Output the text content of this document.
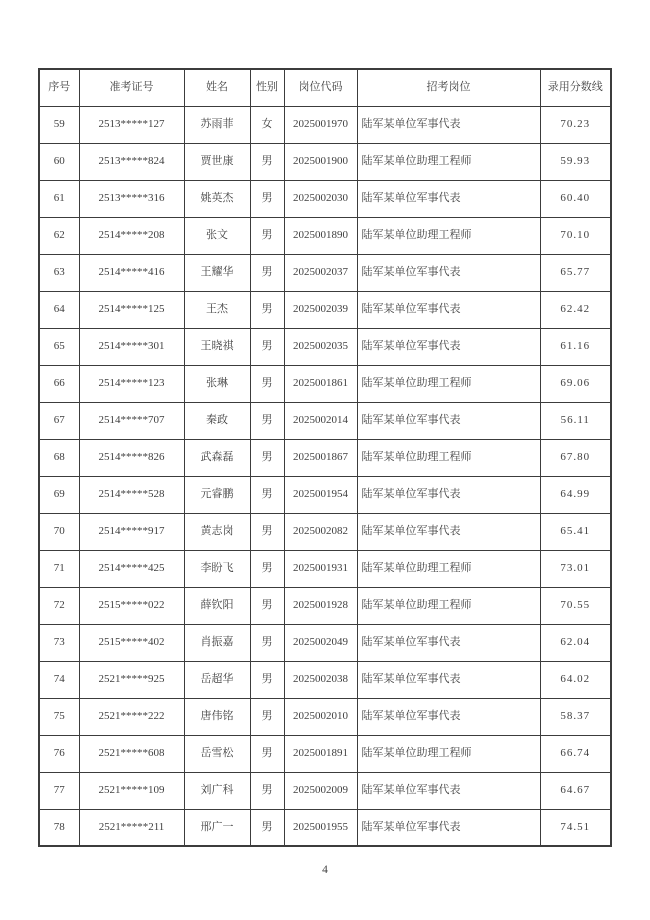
序号	准考证号	姓名	性别	岗位代码	招考岗位	录用分数线
59	2513*****127	苏雨菲	女	2025001970	陆军某单位军事代表	70.23
60	2513*****824	贾世康	男	2025001900	陆军某单位助理工程师	59.93
61	2513*****316	姚英杰	男	2025002030	陆军某单位军事代表	60.40
62	2514*****208	张文	男	2025001890	陆军某单位助理工程师	70.10
63	2514*****416	王耀华	男	2025002037	陆军某单位军事代表	65.77
64	2514*****125	王杰	男	2025002039	陆军某单位军事代表	62.42
65	2514*****301	王晓祺	男	2025002035	陆军某单位军事代表	61.16
66	2514*****123	张琳	男	2025001861	陆军某单位助理工程师	69.06
67	2514*****707	秦政	男	2025002014	陆军某单位军事代表	56.11
68	2514*****826	武森磊	男	2025001867	陆军某单位助理工程师	67.80
69	2514*****528	元睿鹏	男	2025001954	陆军某单位军事代表	64.99
70	2514*****917	黄志岗	男	2025002082	陆军某单位军事代表	65.41
71	2514*****425	李盼飞	男	2025001931	陆军某单位助理工程师	73.01
72	2515*****022	薛钦阳	男	2025001928	陆军某单位助理工程师	70.55
73	2515*****402	肖振嘉	男	2025002049	陆军某单位军事代表	62.04
74	2521*****925	岳超华	男	2025002038	陆军某单位军事代表	64.02
75	2521*****222	唐伟铭	男	2025002010	陆军某单位军事代表	58.37
76	2521*****608	岳雪松	男	2025001891	陆军某单位助理工程师	66.74
77	2521*****109	刘广科	男	2025002009	陆军某单位军事代表	64.67
78	2521*****211	邢广一	男	2025001955	陆军某单位军事代表	74.51
4
